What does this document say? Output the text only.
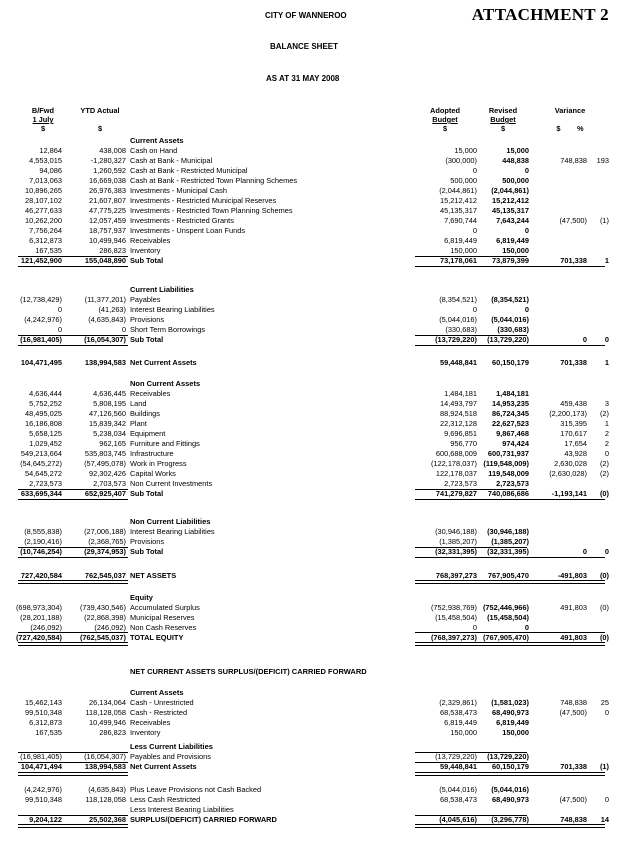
CITY OF WANNEROO	ATTACHMENT 2
BALANCE SHEET
AS AT 31 MAY 2008
B/Fwd
1 July
$
YTD Actual

$
Adopted
Budget
$
Revised
Budget
$
Variance

$ %
Current Assets
Current Liabilities
Non Current Assets
Non Current Liabilities
Equity
NET CURRENT ASSETS SURPLUS/(DEFICIT) CARRIED FORWARD
Current Assets
Less Current Liabilities
Less Interest Bearing Liabilities
12,864	438,008 Cash on Hand	15,000	15,000
4,553,015	-1,280,327 Cash at Bank - Municipal	(300,000)	448,838	748,838 193
94,086	1,260,592 Cash at Bank - Restricted Municipal	0	0
7,013,063	16,669,038 Cash at Bank - Restricted Town Planning Schemes	500,000	500,000
10,896,265	26,976,383 Investments - Municipal Cash	(2,044,861) (2,044,861)
28,107,102	21,607,807 Investments - Restricted Municipal Reserves	15,212,412 15,212,412
46,277,633	47,775,225 Investments - Restricted Town Planning Schemes	45,135,317 45,135,317
10,262,200	12,057,459 Investments - Restricted Grants	7,690,744	7,643,244	(47,500) (1)
7,756,264	18,757,937 Investments - Unspent Loan Funds	0	0
6,312,873	10,499,946 Receivables	6,819,449	6,819,449
167,535	286,823 Inventory	150,000	150,000
121,452,900	155,048,890 Sub Total	73,178,061 73,879,399	701,338 1
(12,738,429)	(11,377,201) Payables	(8,354,521) (8,354,521)
0	(41,263) Interest Bearing Liabilities	0	0
(4,242,976)	(4,635,843) Provisions	(5,044,016) (5,044,016)
0	0 Short Term Borrowings	(330,683)	(330,683)
(16,981,405)	(16,054,307) Sub Total	(13,729,220) (13,729,220)	0 0
104,471,495	138,994,583 Net Current Assets	59,448,841 60,150,179	701,338 1
4,636,444	4,636,445 Receivables	1,484,181	1,484,181
5,752,252	5,808,195 Land	14,493,797 14,953,235	459,438 3
48,495,025	47,126,560 Buildings	88,924,518 86,724,345	(2,200,173) (2)
16,186,808	15,839,342 Plant	22,312,128 22,627,523	315,395 1
5,658,125	5,238,034 Equipment	9,696,851	9,867,468	170,617 2
1,029,452	962,165 Furniture and Fittings	956,770	974,424	17,654 2
549,213,664	535,803,745 Infrastructure	600,688,009 600,731,937	43,928 0
(54,645,272)	(57,495,078) Work in Progress	(122,178,037) (119,548,009)	2,630,028 (2)
54,645,272	92,302,426 Capital Works	122,178,037 119,548,009	(2,630,028) (2)
2,723,573	2,703,573 Non Current Investments	2,723,573	2,723,573
633,695,344	652,925,407 Sub Total	741,279,827 740,086,686	-1,193,141 (0)
(8,555,838)	(27,006,188) Interest Bearing Liabilities	(30,946,188) (30,946,188)
(2,190,416)	(2,368,765) Provisions	(1,385,207) (1,385,207)
(10,746,254)	(29,374,953) Sub Total	(32,331,395) (32,331,395)	0 0
727,420,584	762,545,037 NET ASSETS	768,397,273 767,905,470	-491,803 (0)
(698,973,304) (739,430,546) Accumulated Surplus	(752,938,769) (752,446,966)	491,803 (0)
(28,201,188)	(22,868,398) Municipal Reserves	(15,458,504) (15,458,504)
(246,092)	(246,092) Non Cash Reserves	0	0
(727,420,584) (762,545,037) TOTAL EQUITY	(768,397,273) (767,905,470)	491,803 (0)
15,462,143	26,134,064 Cash - Unrestricted	(2,329,861) (1,581,023)	748,838 25
99,510,348	118,128,058 Cash - Restricted	68,538,473 68,490,973	(47,500) 0
6,312,873	10,499,946 Receivables	6,819,449	6,819,449
167,535	286,823 Inventory	150,000	150,000
(16,981,405)	(16,054,307) Payables and Provisions	(13,729,220) (13,729,220)
104,471,494	138,994,583 Net Current Assets	59,448,841 60,150,179	701,338 (1)
(4,242,976)	(4,635,843) Plus Leave Provisions not Cash Backed	(5,044,016) (5,044,016)
99,510,348	118,128,058 Less Cash Restricted	68,538,473 68,490,973	(47,500) 0
9,204,122	25,502,368 SURPLUS/(DEFICIT) CARRIED FORWARD	(4,045,616) (3,296,778)	748,838 14
